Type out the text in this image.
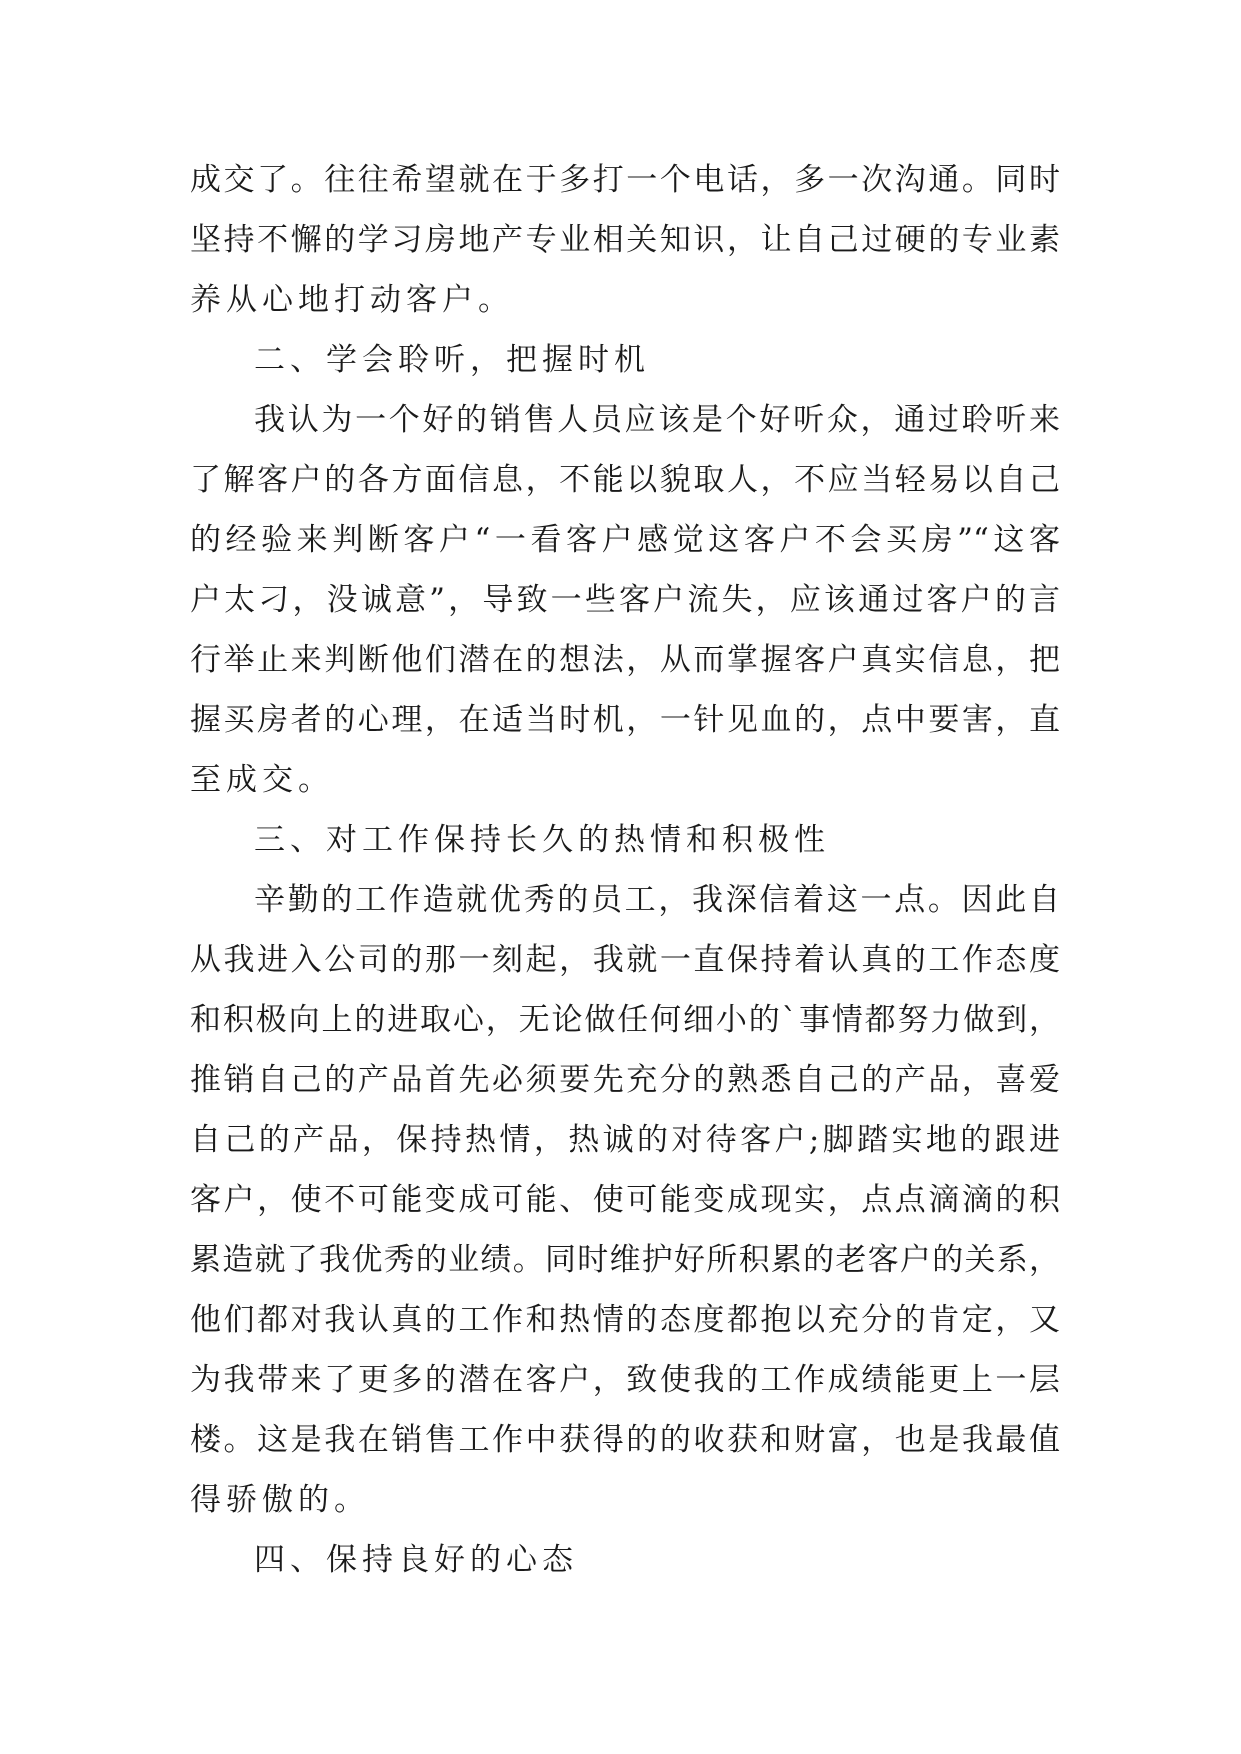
成交了。往往希望就在于多打一个电话，多一次沟通。同时
坚持不懈的学习房地产专业相关知识，让自己过硬的专业素
养从心地打动客户。
二、学会聆听，把握时机
我认为一个好的销售人员应该是个好听众，通过聆听来
了解客户的各方面信息，不能以貌取人，不应当轻易以自己
的经验来判断客户“一看客户感觉这客户不会买房”“这客
户太刁，没诚意”，导致一些客户流失，应该通过客户的言
行举止来判断他们潜在的想法，从而掌握客户真实信息，把
握买房者的心理，在适当时机，一针见血的，点中要害，直
至成交。
三、对工作保持长久的热情和积极性
辛勤的工作造就优秀的员工，我深信着这一点。因此自
从我进入公司的那一刻起，我就一直保持着认真的工作态度
和积极向上的进取心，无论做任何细小的`事情都努力做到，
推销自己的产品首先必须要先充分的熟悉自己的产品，喜爱
自己的产品，保持热情，热诚的对待客户;脚踏实地的跟进
客户，使不可能变成可能、使可能变成现实，点点滴滴的积
累造就了我优秀的业绩。同时维护好所积累的老客户的关系，
他们都对我认真的工作和热情的态度都抱以充分的肯定，又
为我带来了更多的潜在客户，致使我的工作成绩能更上一层
楼。这是我在销售工作中获得的的收获和财富，也是我最值
得骄傲的。
四、保持良好的心态
